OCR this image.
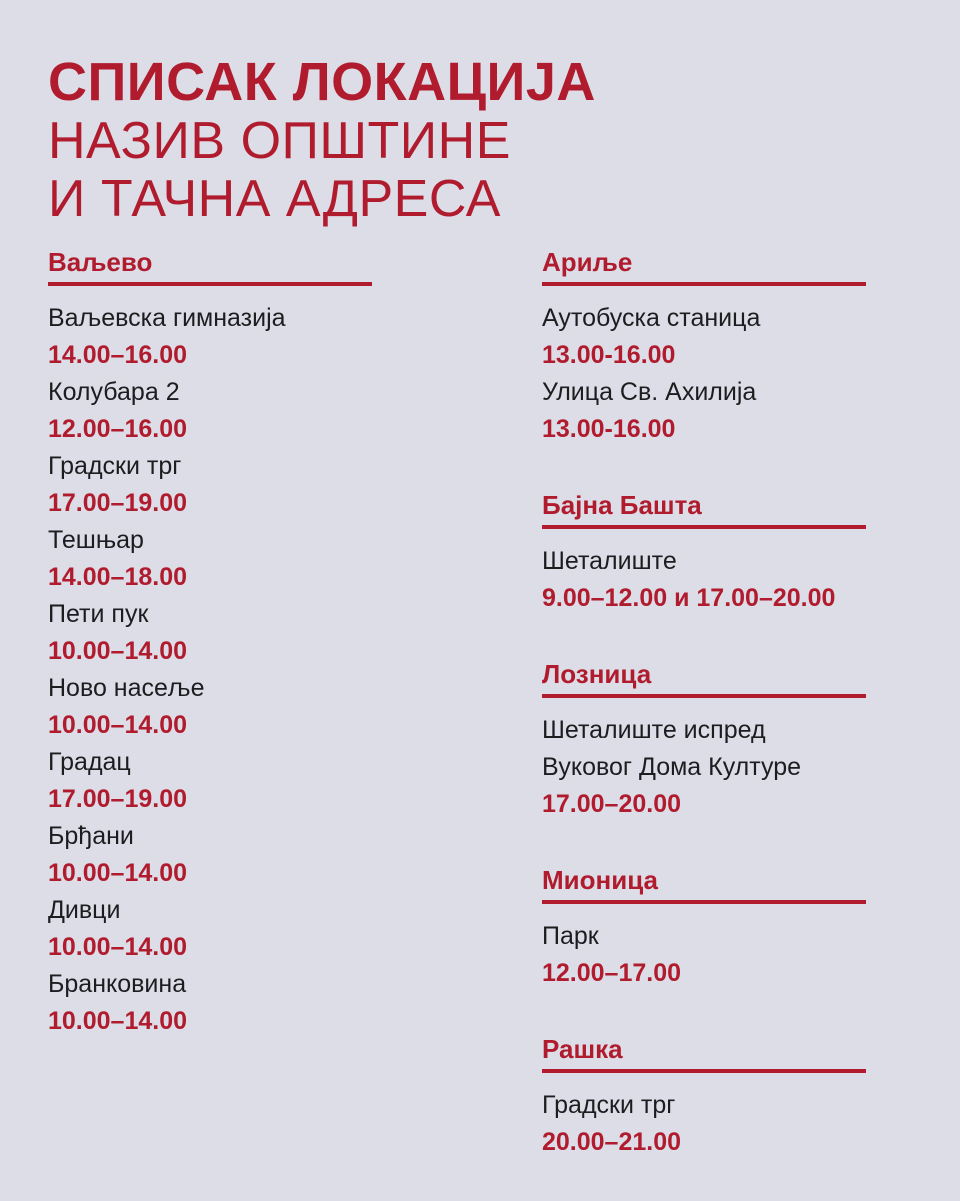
СПИСАК ЛОКАЦИЈА
НАЗИВ ОПШТИНЕ
И ТАЧНА АДРЕСА
Ваљево
Ваљевска гимназија
14.00–16.00
Колубара 2
12.00–16.00
Градски трг
17.00–19.00
Тешњар
14.00–18.00
Пети пук
10.00–14.00
Ново насеље
10.00–14.00
Градац
17.00–19.00
Брђани
10.00–14.00
Дивци
10.00–14.00
Бранковина
10.00–14.00
Ариље
Аутобуска станица
13.00-16.00
Улица Св. Ахилија
13.00-16.00
Бајна Башта
Шеталиште
9.00–12.00 и 17.00–20.00
Лозница
Шеталиште испред
Вуковог Дома Културе
17.00–20.00
Мионица
Парк
12.00–17.00
Рашка
Градски трг
20.00–21.00
